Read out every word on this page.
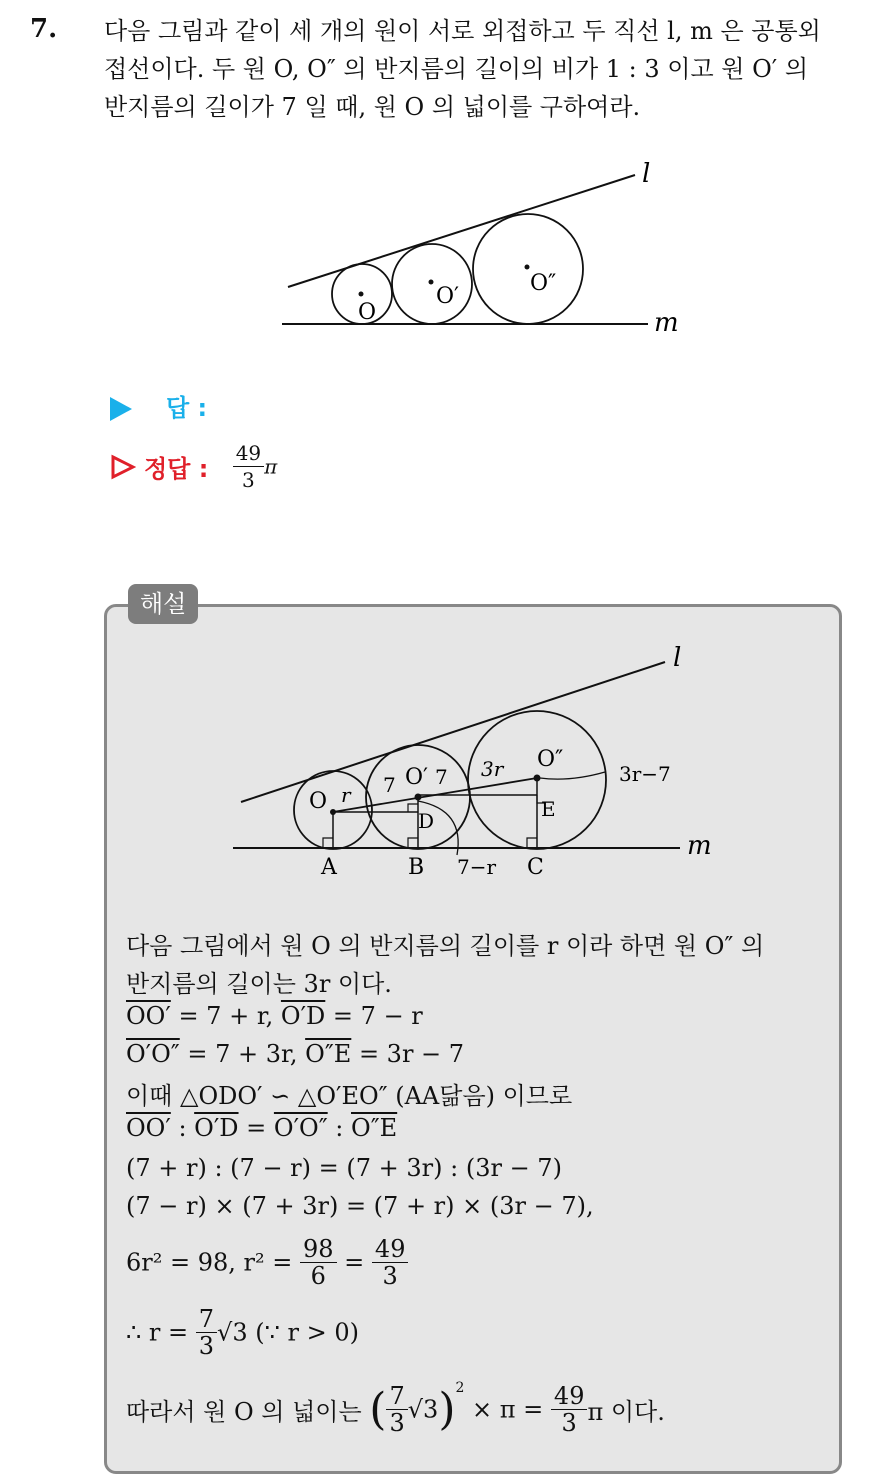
7. 다음 그림과 같이 세 개의 원이 서로 외접하고 두 직선 l, m 은 공통외
접선이다. 두 원 O, O″ 의 반지름의 길이의 비가 1 : 3 이고 원 O′ 의
반지름의 길이가 7 일 때, 원 O 의 넓이를 구하여라.
O
O′
O″
l
m
답 :
정답 : $\frac{49}{3}$ π
해설
O r 7 O′ 7 3r O″
3r−7
D	E
A	B 7−r C
l
m
다음 그림에서 원 O 의 반지름의 길이를 r 이라 하면 원 O″ 의
반지름의 길이는 3r 이다.
OO′ = 7 + r, O′D = 7 − r
O′O″ = 7 + 3r, O″E = 3r − 7
이때 △ODO′ ∽ △O′EO″ (AA닮음) 이므로
OO′ : O′D = O′O″ : O″E
(7 + r) : (7 − r) = (7 + 3r) : (3r − 7)
(7 − r) × (7 + 3r) = (7 + r) × (3r − 7),
6r² = 98, $r^2 = \frac{98}{6} = \frac{49}{3}$
∴ $r = \frac{7}{3} √3$ (∵ r > 0)
따라서 원 O 의 넓이는 ( $\frac{7}{3} √3)^2 \times \pi = \frac{49}{3}$ π 이다.
